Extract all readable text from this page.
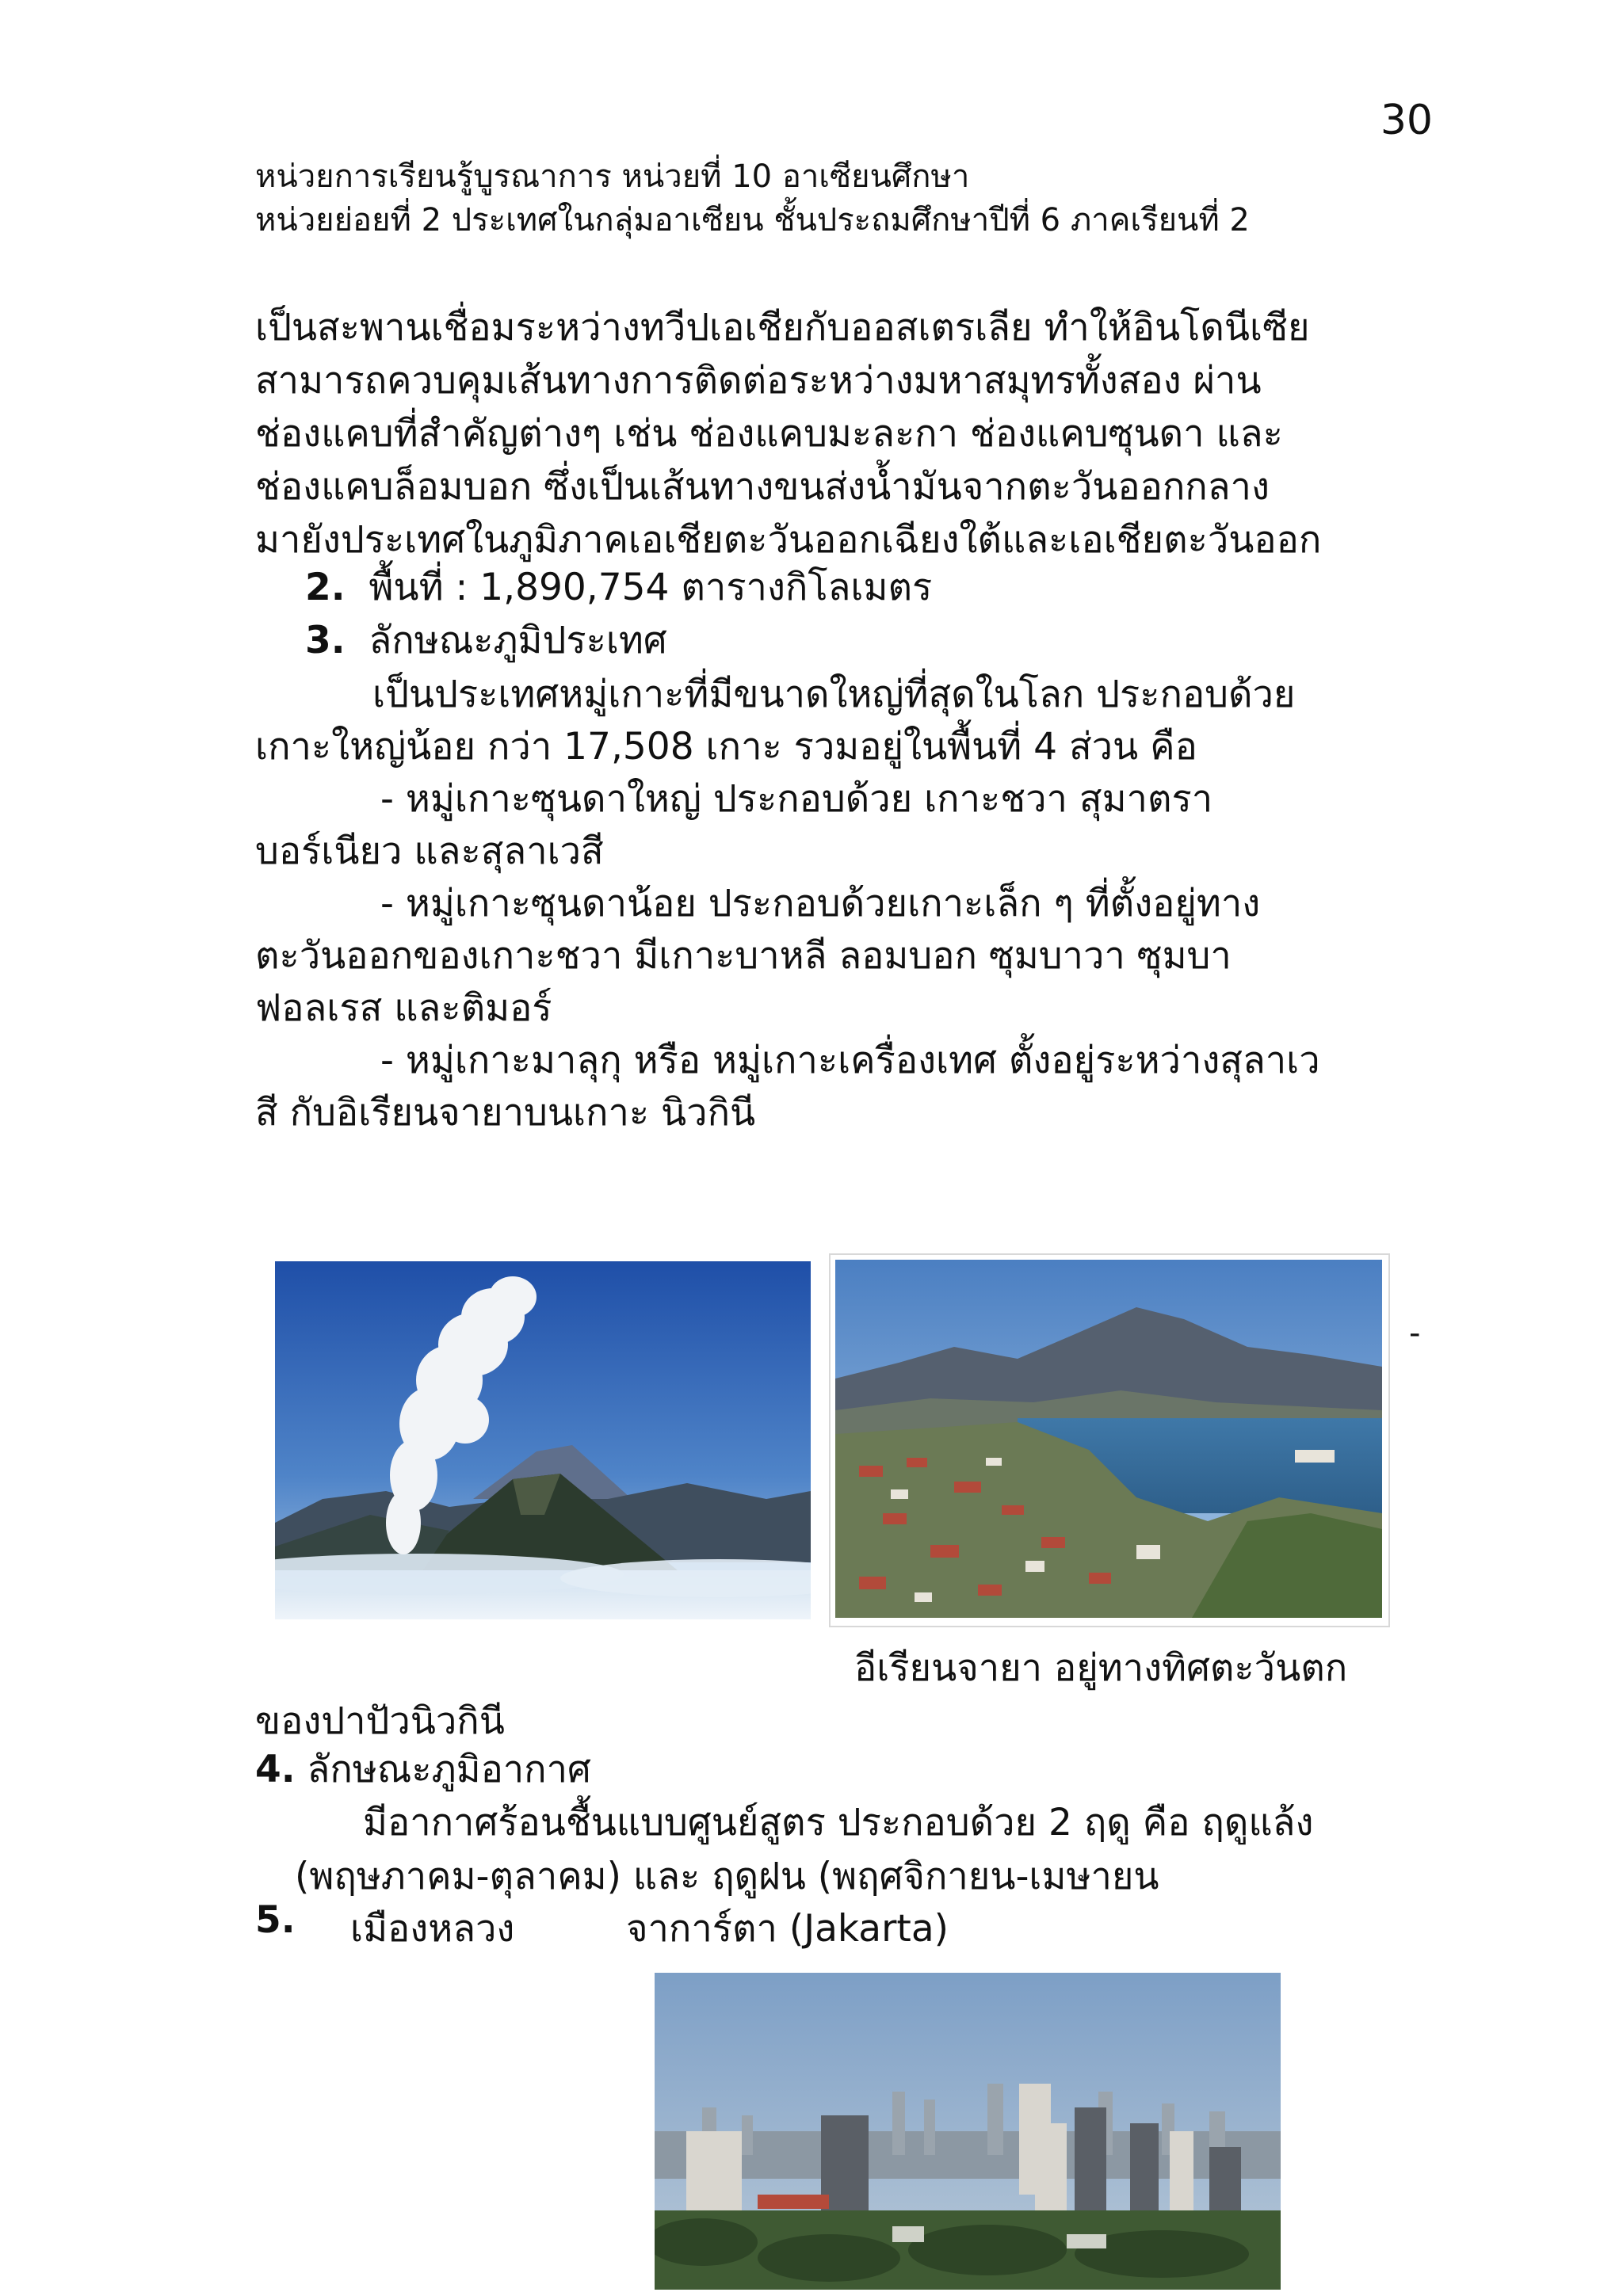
30
หน่วยการเรียนรู้บูรณาการ หน่วยที่ 10 อาเซียนศึกษา
หน่วยย่อยที่ 2 ประเทศในกลุ่มอาเซียน ชั้นประถมศึกษาปีที่ 6 ภาคเรียนที่ 2
เป็นสะพานเชื่อมระหว่างทวีปเอเชียกับออสเตรเลีย ทำให้อินโดนีเซีย
สามารถควบคุมเส้นทางการติดต่อระหว่างมหาสมุทรทั้งสอง ผ่าน
ช่องแคบที่สำคัญต่างๆ เช่น ช่องแคบมะละกา ช่องแคบซุนดา และ
ช่องแคบล็อมบอก ซึ่งเป็นเส้นทางขนส่งน้ำมันจากตะวันออกกลาง
มายังประเทศในภูมิภาคเอเชียตะวันออกเฉียงใต้และเอเชียตะวันออก
2. พื้นที่ : 1,890,754 ตารางกิโลเมตร
3. ลักษณะภูมิประเทศ
เป็นประเทศหมู่เกาะที่มีขนาดใหญ่ที่สุดในโลก ประกอบด้วย
เกาะใหญ่น้อย กว่า 17,508 เกาะ รวมอยู่ในพื้นที่ 4 ส่วน คือ
- หมู่เกาะซุนดาใหญ่ ประกอบด้วย เกาะชวา สุมาตรา
บอร์เนียว และสุลาเวสี
- หมู่เกาะซุนดาน้อย ประกอบด้วยเกาะเล็ก ๆ ที่ตั้งอยู่ทาง
ตะวันออกของเกาะชวา มีเกาะบาหลี ลอมบอก ซุมบาวา ซุมบา
ฟอลเรส และติมอร์
- หมู่เกาะมาลุกุ หรือ หมู่เกาะเครื่องเทศ ตั้งอยู่ระหว่างสุลาเว
สี กับอิเรียนจายาบนเกาะ นิวกินี
-
อีเรียนจายา อยู่ทางทิศตะวันตก
ของปาปัวนิวกินี
4. ลักษณะภูมิอากาศ
มีอากาศร้อนชื้นแบบศูนย์สูตร ประกอบด้วย 2 ฤดู คือ ฤดูแล้ง
(พฤษภาคม-ตุลาคม) และ ฤดูฝน (พฤศจิกายน-เมษายน
5. เมืองหลวง	จาการ์ตา (Jakarta)
